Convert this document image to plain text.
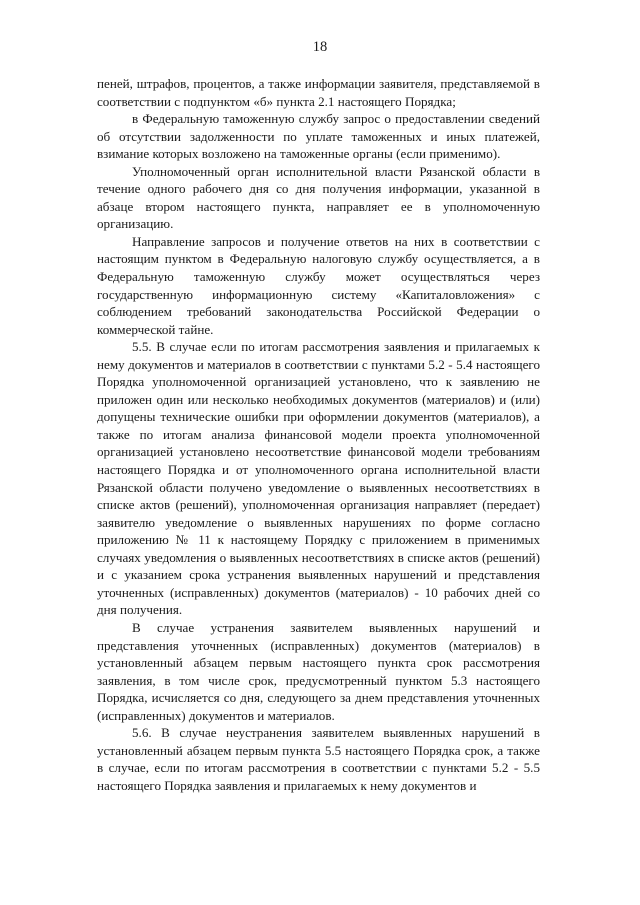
18

пеней, штрафов, процентов, а также информации заявителя, представляемой в соответствии с подпунктом «б» пункта 2.1 настоящего Порядка;

в Федеральную таможенную службу запрос о предоставлении сведений об отсутствии задолженности по уплате таможенных и иных платежей, взимание которых возложено на таможенные органы (если применимо).

Уполномоченный орган исполнительной власти Рязанской области в течение одного рабочего дня со дня получения информации, указанной в абзаце втором настоящего пункта, направляет ее в уполномоченную организацию.

Направление запросов и получение ответов на них в соответствии с настоящим пунктом в Федеральную налоговую службу осуществляется, а в Федеральную таможенную службу может осуществляться через государственную информационную систему «Капиталовложения» с соблюдением требований законодательства Российской Федерации о коммерческой тайне.

5.5. В случае если по итогам рассмотрения заявления и прилагаемых к нему документов и материалов в соответствии с пунктами 5.2 - 5.4 настоящего Порядка уполномоченной организацией установлено, что к заявлению не приложен один или несколько необходимых документов (материалов) и (или) допущены технические ошибки при оформлении документов (материалов), а также по итогам анализа финансовой модели проекта уполномоченной организацией установлено несоответствие финансовой модели требованиям настоящего Порядка и от уполномоченного органа исполнительной власти Рязанской области получено уведомление о выявленных несоответствиях в списке актов (решений), уполномоченная организация направляет (передает) заявителю уведомление о выявленных нарушениях по форме согласно приложению № 11 к настоящему Порядку с приложением в применимых случаях уведомления о выявленных несоответствиях в списке актов (решений) и с указанием срока устранения выявленных нарушений и представления уточненных (исправленных) документов (материалов) - 10 рабочих дней со дня получения.

В случае устранения заявителем выявленных нарушений и представления уточненных (исправленных) документов (материалов) в установленный абзацем первым настоящего пункта срок рассмотрения заявления, в том числе срок, предусмотренный пунктом 5.3 настоящего Порядка, исчисляется со дня, следующего за днем представления уточненных (исправленных) документов и материалов.

5.6. В случае неустранения заявителем выявленных нарушений в установленный абзацем первым пункта 5.5 настоящего Порядка срок, а также в случае, если по итогам рассмотрения в соответствии с пунктами 5.2 - 5.5 настоящего Порядка заявления и прилагаемых к нему документов и
